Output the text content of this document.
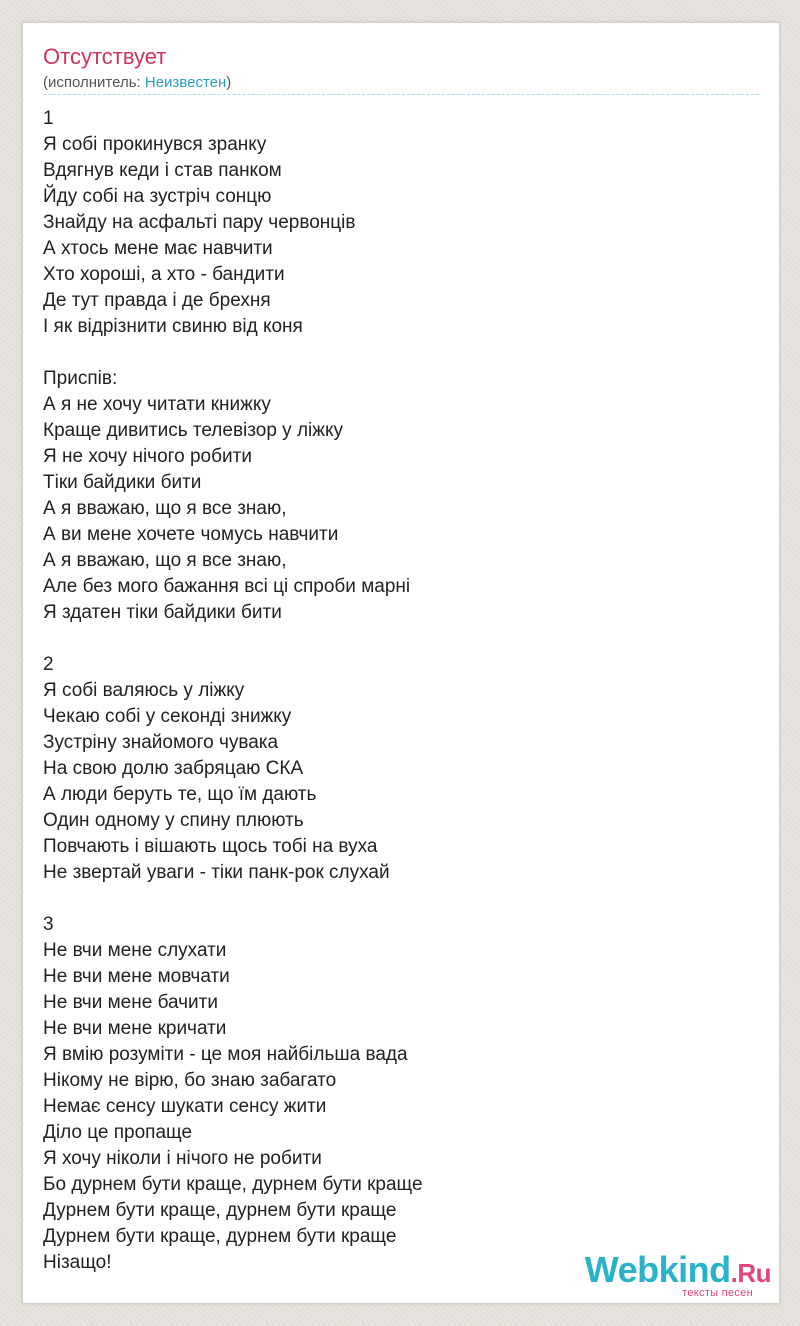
Отсутствует
(исполнитель: Неизвестен)
1
Я собі прокинувся зранку
Вдягнув кеди і став панком
Йду собі на зустріч сонцю
Знайду на асфальті пару червонців
А хтось мене має навчити
Хто хороші, а хто - бандити
Де тут правда і де брехня
І як відрізнити свиню від коня
Приспів:
А я не хочу читати книжку
Краще дивитись телевізор у ліжку
Я не хочу нічого робити
Тіки байдики бити
А я вважаю, що я все знаю,
А ви мене хочете чомусь навчити
А я вважаю, що я все знаю,
Але без мого бажання всі ці спроби марні
Я здатен тіки байдики бити
2
Я собі валяюсь у ліжку
Чекаю собі у секонді знижку
Зустріну знайомого чувака
На свою долю забряцаю СКА
А люди беруть те, що їм дають
Один одному у спину плюють
Повчають і вішають щось тобі на вуха
Не звертай уваги - тіки панк-рок слухай
3
Не вчи мене слухати
Не вчи мене мовчати
Не вчи мене бачити
Не вчи мене кричати
Я вмію розуміти - це моя найбільша вада
Нікому не вірю, бо знаю забагато
Немає сенсу шукати сенсу жити
Діло це пропаще
Я хочу ніколи і нічого не робити
Бо дурнем бути краще, дурнем бути краще
Дурнем бути краще, дурнем бути краще
Дурнем бути краще, дурнем бути краще
Нізащо!	Webkind.Ru
тексты песен
